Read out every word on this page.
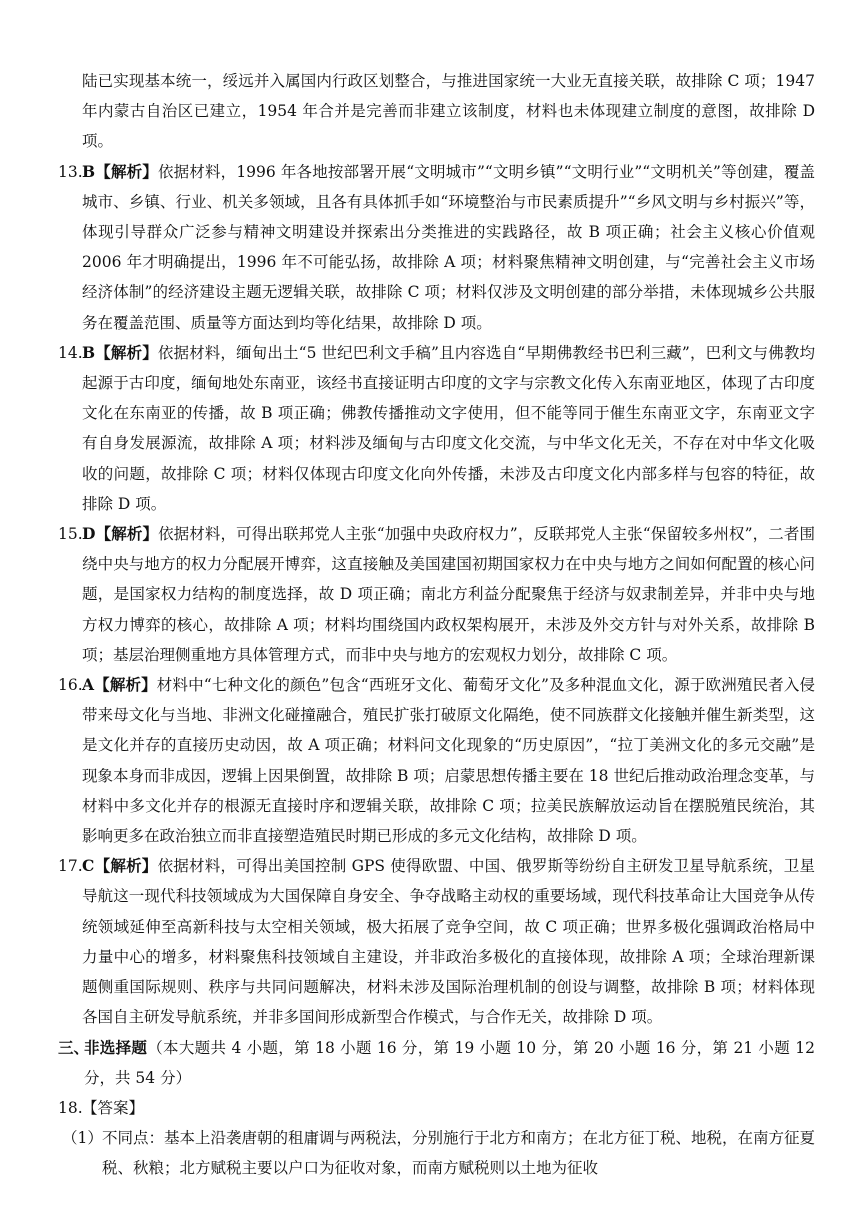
陆已实现基本统一，绥远并入属国内行政区划整合，与推进国家统一大业无直接关联，故排除 C 项；1947 年内蒙古自治区已建立，1954 年合并是完善而非建立该制度，材料也未体现建立制度的意图，故排除 D 项。

13. B【解析】依据材料，1996 年各地按部署开展“文明城市”“文明乡镇”“文明行业”“文明机关”等创建，覆盖城市、乡镇、行业、机关多领域，且各有具体抓手如“环境整治与市民素质提升”“乡风文明与乡村振兴”等，体现引导群众广泛参与精神文明建设并探索出分类推进的实践路径，故 B 项正确；社会主义核心价值观 2006 年才明确提出，1996 年不可能弘扬，故排除 A 项；材料聚焦精神文明创建，与“完善社会主义市场经济体制”的经济建设主题无逻辑关联，故排除 C 项；材料仅涉及文明创建的部分举措，未体现城乡公共服务在覆盖范围、质量等方面达到均等化结果，故排除 D 项。
14. B【解析】依据材料，缅甸出土“5 世纪巴利文手稿”且内容选自“早期佛教经书巴利三藏”，巴利文与佛教均起源于古印度，缅甸地处东南亚，该经书直接证明古印度的文字与宗教文化传入东南亚地区，体现了古印度文化在东南亚的传播，故 B 项正确；佛教传播推动文字使用，但不能等同于催生东南亚文字，东南亚文字有自身发展源流，故排除 A 项；材料涉及缅甸与古印度文化交流，与中华文化无关，不存在对中华文化吸收的问题，故排除 C 项；材料仅体现古印度文化向外传播，未涉及古印度文化内部多样与包容的特征，故排除 D 项。
15. D【解析】依据材料，可得出联邦党人主张“加强中央政府权力”，反联邦党人主张“保留较多州权”，二者围绕中央与地方的权力分配展开博弈，这直接触及美国建国初期国家权力在中央与地方之间如何配置的核心问题，是国家权力结构的制度选择，故 D 项正确；南北方利益分配聚焦于经济与奴隶制差异，并非中央与地方权力博弈的核心，故排除 A 项；材料均围绕国内政权架构展开，未涉及外交方针与对外关系，故排除 B 项；基层治理侧重地方具体管理方式，而非中央与地方的宏观权力划分，故排除 C 项。
16. A【解析】材料中“七种文化的颜色”包含“西班牙文化、葡萄牙文化”及多种混血文化，源于欧洲殖民者入侵带来母文化与当地、非洲文化碰撞融合，殖民扩张打破原文化隔绝，使不同族群文化接触并催生新类型，这是文化并存的直接历史动因，故 A 项正确；材料问文化现象的“历史原因”，“拉丁美洲文化的多元交融”是现象本身而非成因，逻辑上因果倒置，故排除 B 项；启蒙思想传播主要在 18 世纪后推动政治理念变革，与材料中多文化并存的根源无直接时序和逻辑关联，故排除 C 项；拉美民族解放运动旨在摆脱殖民统治，其影响更多在政治独立而非直接塑造殖民时期已形成的多元文化结构，故排除 D 项。
17. C【解析】依据材料，可得出美国控制 GPS 使得欧盟、中国、俄罗斯等纷纷自主研发卫星导航系统，卫星导航这一现代科技领域成为大国保障自身安全、争夺战略主动权的重要场域，现代科技革命让大国竞争从传统领域延伸至高新科技与太空相关领域，极大拓展了竞争空间，故 C 项正确；世界多极化强调政治格局中力量中心的增多，材料聚焦科技领域自主建设，并非政治多极化的直接体现，故排除 A 项；全球治理新课题侧重国际规则、秩序与共同问题解决，材料未涉及国际治理机制的创设与调整，故排除 B 项；材料体现各国自主研发导航系统，并非多国间形成新型合作模式，与合作无关，故排除 D 项。
三、
非选择题（本大题共 4 小题，第 18 小题 16 分，第 19 小题 10 分，第 20 小题 16 分，第 21 小题 12 分，共 54 分）
18. 【答案】
（1） 不同点：基本上沿袭唐朝的租庸调与两税法，分别施行于北方和南方；在北方征丁税、地税，在南方征夏税、秋粮；北方赋税主要以户口为征收对象，而南方赋税则以土地为征收
